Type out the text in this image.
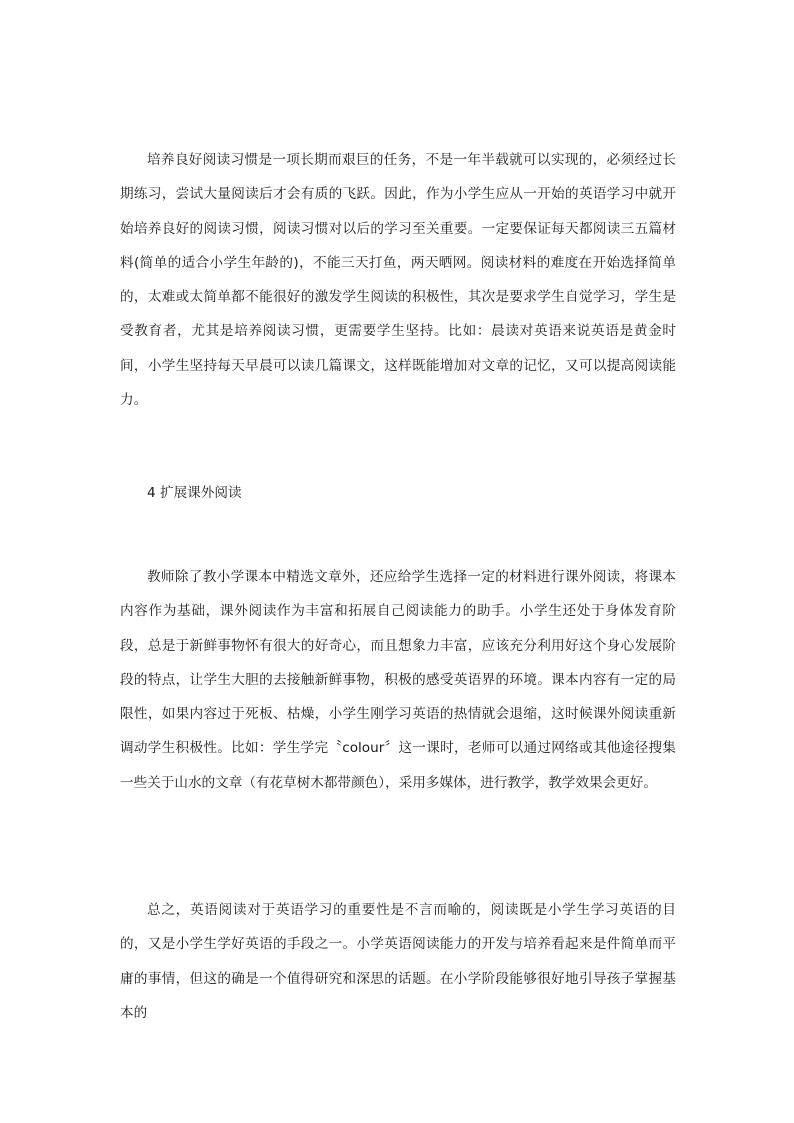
培养良好阅读习惯是一项长期而艰巨的任务，不是一年半载就可以实现的，必须经过长期练习，尝试大量阅读后才会有质的飞跃。因此，作为小学生应从一开始的英语学习中就开始培养良好的阅读习惯，阅读习惯对以后的学习至关重要。一定要保证每天都阅读三五篇材料(简单的适合小学生年龄的)，不能三天打鱼，两天晒网。阅读材料的难度在开始选择简单的，太难或太简单都不能很好的激发学生阅读的积极性，其次是要求学生自觉学习，学生是受教育者，尤其是培养阅读习惯，更需要学生坚持。比如：晨读对英语来说英语是黄金时间，小学生坚持每天早晨可以读几篇课文，这样既能增加对文章的记忆，又可以提高阅读能力。

4 扩展课外阅读

教师除了教小学课本中精选文章外，还应给学生选择一定的材料进行课外阅读，将课本内容作为基础，课外阅读作为丰富和拓展自己阅读能力的助手。小学生还处于身体发育阶段，总是于新鲜事物怀有很大的好奇心，而且想象力丰富，应该充分利用好这个身心发展阶段的特点，让学生大胆的去接触新鲜事物，积极的感受英语界的环境。课本内容有一定的局限性，如果内容过于死板、枯燥，小学生刚学习英语的热情就会退缩，这时候课外阅读重新调动学生积极性。比如：学生学完〝colour〞这一课时，老师可以通过网络或其他途径搜集一些关于山水的文章（有花草树木都带颜色），采用多媒体，进行教学，教学效果会更好。

总之，英语阅读对于英语学习的重要性是不言而喻的，阅读既是小学生学习英语的目的，又是小学生学好英语的手段之一。小学英语阅读能力的开发与培养看起来是件简单而平庸的事情，但这的确是一个值得研究和深思的话题。在小学阶段能够很好地引导孩子掌握基本的
